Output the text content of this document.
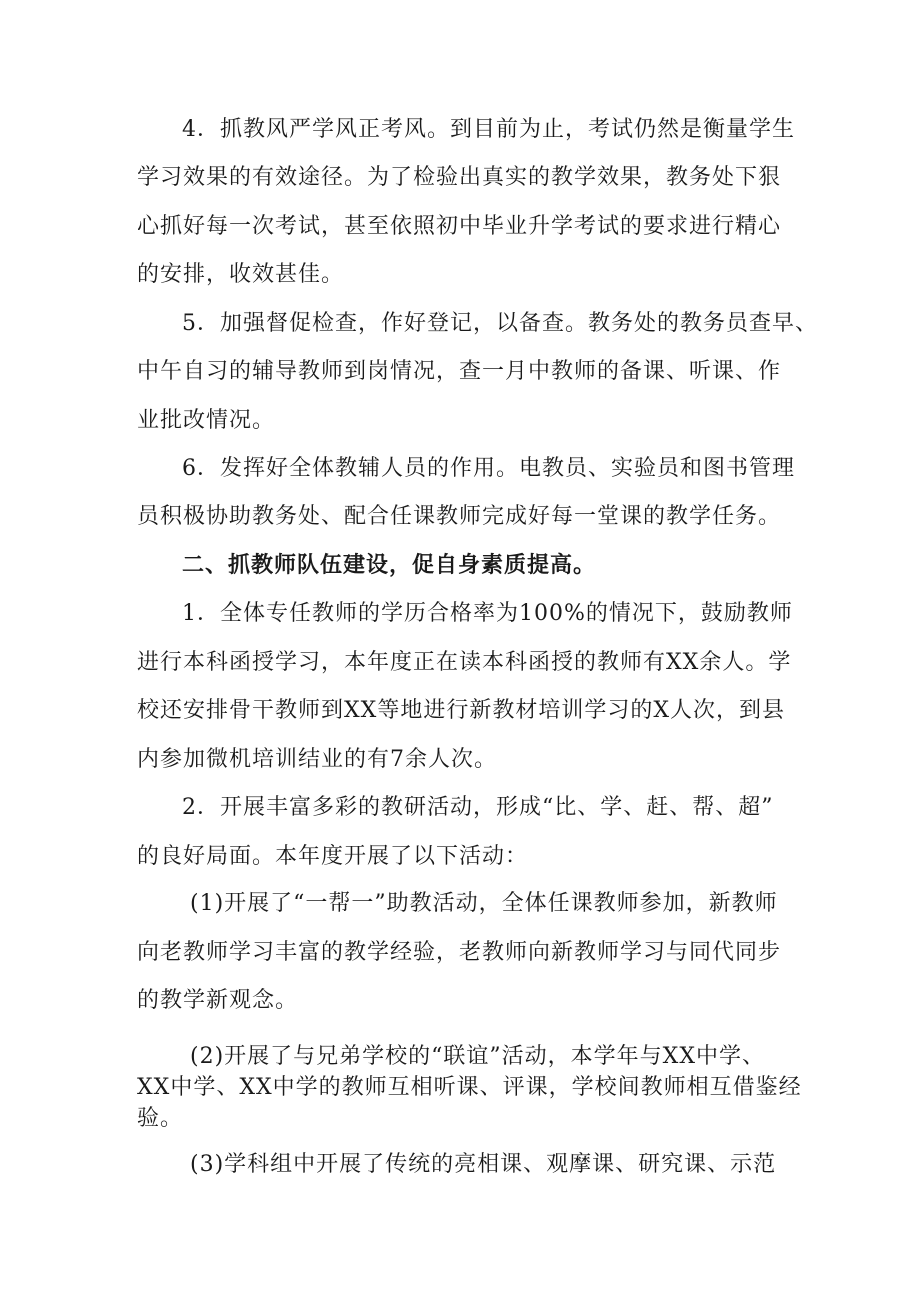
4．抓教风严学风正考风。到目前为止，考试仍然是衡量学生
学习效果的有效途径。为了检验出真实的教学效果，教务处下狠
心抓好每一次考试，甚至依照初中毕业升学考试的要求进行精心
的安排，收效甚佳。
5．加强督促检查，作好登记，以备查。教务处的教务员查早、
中午自习的辅导教师到岗情况，查一月中教师的备课、听课、作
业批改情况。
6．发挥好全体教辅人员的作用。电教员、实验员和图书管理
员积极协助教务处、配合任课教师完成好每一堂课的教学任务。
二、抓教师队伍建设，促自身素质提高。
1．全体专任教师的学历合格率为100%的情况下，鼓励教师
进行本科函授学习，本年度正在读本科函授的教师有XX余人。学
校还安排骨干教师到XX等地进行新教材培训学习的X人次，到县
内参加微机培训结业的有7余人次。
2．开展丰富多彩的教研活动，形成“比、学、赶、帮、超”
的良好局面。本年度开展了以下活动：
(1)开展了“一帮一”助教活动，全体任课教师参加，新教师
向老教师学习丰富的教学经验，老教师向新教师学习与同代同步
的教学新观念。
(2)开展了与兄弟学校的“联谊”活动，本学年与XX中学、
XX中学、XX中学的教师互相听课、评课，学校间教师相互借鉴经
验。
(3)学科组中开展了传统的亮相课、观摩课、研究课、示范
